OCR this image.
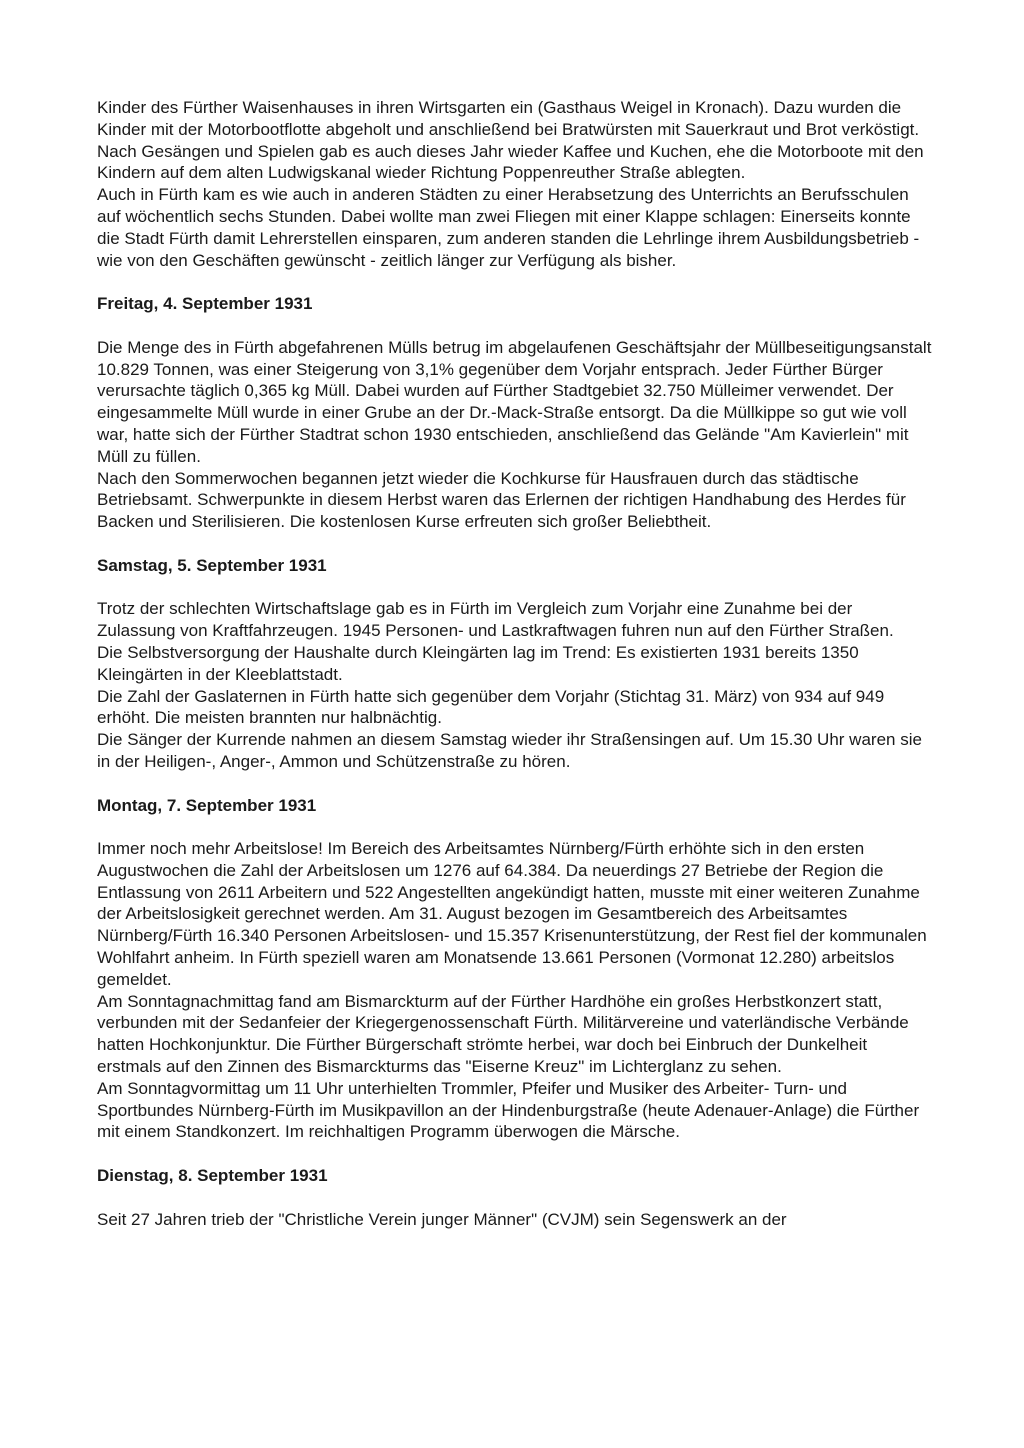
Kinder des Fürther Waisenhauses in ihren Wirtsgarten ein (Gasthaus Weigel in Kronach). Dazu wurden die Kinder mit der Motorbootflotte abgeholt und anschließend bei Bratwürsten mit Sauerkraut und Brot verköstigt. Nach Gesängen und Spielen gab es auch dieses Jahr wieder Kaffee und Kuchen, ehe die Motorboote mit den Kindern auf dem alten Ludwigskanal wieder Richtung Poppenreuther Straße ablegten.

Auch in Fürth kam es wie auch in anderen Städten zu einer Herabsetzung des Unterrichts an Berufsschulen auf wöchentlich sechs Stunden. Dabei wollte man zwei Fliegen mit einer Klappe schlagen: Einerseits konnte die Stadt Fürth damit Lehrerstellen einsparen, zum anderen standen die Lehrlinge ihrem Ausbildungsbetrieb - wie von den Geschäften gewünscht - zeitlich länger zur Verfügung als bisher.

Freitag, 4. September 1931

Die Menge des in Fürth abgefahrenen Mülls betrug im abgelaufenen Geschäftsjahr der Müllbeseitigungsanstalt 10.829 Tonnen, was einer Steigerung von 3,1% gegenüber dem Vorjahr entsprach. Jeder Fürther Bürger verursachte täglich 0,365 kg Müll. Dabei wurden auf Fürther Stadtgebiet 32.750 Mülleimer verwendet. Der eingesammelte Müll wurde in einer Grube an der Dr.-Mack-Straße entsorgt. Da die Müllkippe so gut wie voll war, hatte sich der Fürther Stadtrat schon 1930 entschieden, anschließend das Gelände "Am Kavierlein" mit Müll zu füllen.

Nach den Sommerwochen begannen jetzt wieder die Kochkurse für Hausfrauen durch das städtische Betriebsamt. Schwerpunkte in diesem Herbst waren das Erlernen der richtigen Handhabung des Herdes für Backen und Sterilisieren. Die kostenlosen Kurse erfreuten sich großer Beliebtheit.

Samstag, 5. September 1931

Trotz der schlechten Wirtschaftslage gab es in Fürth im Vergleich zum Vorjahr eine Zunahme bei der Zulassung von Kraftfahrzeugen. 1945 Personen- und Lastkraftwagen fuhren nun auf den Fürther Straßen.

Die Selbstversorgung der Haushalte durch Kleingärten lag im Trend: Es existierten 1931 bereits 1350 Kleingärten in der Kleeblattstadt.

Die Zahl der Gaslaternen in Fürth hatte sich gegenüber dem Vorjahr (Stichtag 31. März) von 934 auf 949 erhöht. Die meisten brannten nur halbnächtig.

Die Sänger der Kurrende nahmen an diesem Samstag wieder ihr Straßensingen auf. Um 15.30 Uhr waren sie in der Heiligen-, Anger-, Ammon und Schützenstraße zu hören.

Montag, 7. September 1931

Immer noch mehr Arbeitslose! Im Bereich des Arbeitsamtes Nürnberg/Fürth erhöhte sich in den ersten Augustwochen die Zahl der Arbeitslosen um 1276 auf 64.384. Da neuerdings 27 Betriebe der Region die Entlassung von 2611 Arbeitern und 522 Angestellten angekündigt hatten, musste mit einer weiteren Zunahme der Arbeitslosigkeit gerechnet werden. Am 31. August bezogen im Gesamtbereich des Arbeitsamtes Nürnberg/Fürth 16.340 Personen Arbeitslosen- und 15.357 Krisenunterstützung, der Rest fiel der kommunalen Wohlfahrt anheim. In Fürth speziell waren am Monatsende 13.661 Personen (Vormonat 12.280) arbeitslos gemeldet.

Am Sonntagnachmittag fand am Bismarckturm auf der Fürther Hardhöhe ein großes Herbstkonzert statt, verbunden mit der Sedanfeier der Kriegergenossenschaft Fürth. Militärvereine und vaterländische Verbände hatten Hochkonjunktur. Die Fürther Bürgerschaft strömte herbei, war doch bei Einbruch der Dunkelheit erstmals auf den Zinnen des Bismarckturms das "Eiserne Kreuz" im Lichterglanz zu sehen.

Am Sonntagvormittag um 11 Uhr unterhielten Trommler, Pfeifer und Musiker des Arbeiter- Turn- und Sportbundes Nürnberg-Fürth im Musikpavillon an der Hindenburgstraße (heute Adenauer-Anlage) die Fürther mit einem Standkonzert. Im reichhaltigen Programm überwogen die Märsche.

Dienstag, 8. September 1931

Seit 27 Jahren trieb der "Christliche Verein junger Männer" (CVJM) sein Segenswerk an der
